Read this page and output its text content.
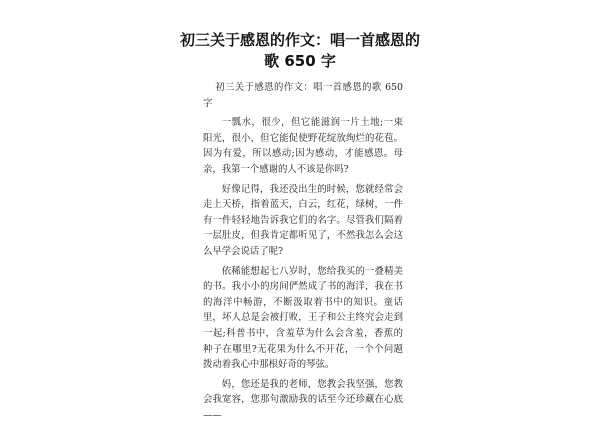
初三关于感恩的作文：唱一首感恩的
歌 650 字

初三关于感恩的作文：唱一首感恩的歌 650 字

一瓢水，很少，但它能滋润一片土地;一束阳光，很小，但它能促使野花绽放绚烂的花苞。因为有爱，所以感动;因为感动，才能感恩。母亲，我第一个感谢的人不该是你吗?

好像记得，我还没出生的时候，您就经常会走上天桥，指着蓝天，白云，红花，绿树，一件有一件轻轻地告诉我它们的名字。尽管我们隔着一层肚皮，但我肯定都听见了，不然我怎么会这么早学会说话了呢?

依稀能想起七八岁时，您给我买的一叠精美的书。我小小的房间俨然成了书的海洋，我在书的海洋中畅游，不断汲取着书中的知识。童话里，坏人总是会被打败，王子和公主终究会走到一起;科普书中，含羞草为什么会含羞，香蕉的种子在哪里?无花果为什么不开花，一个个问题拨动着我心中那根好奇的琴弦。

妈，您还是我的老师，您教会我坚强，您教会我宽容，您那句激励我的话至今还珍藏在心底——
